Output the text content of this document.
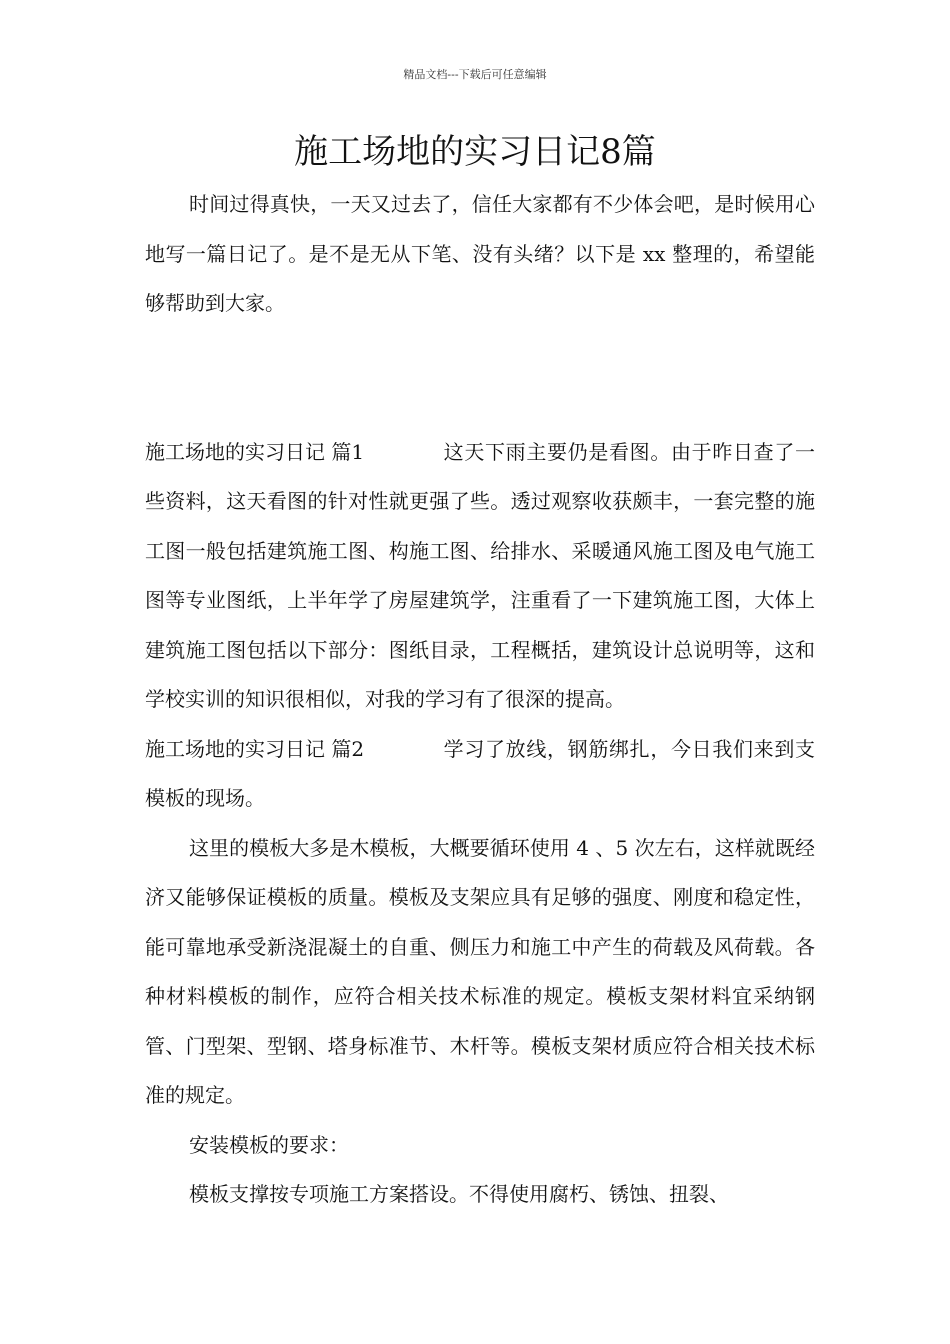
精品文档---下载后可任意编辑
施工场地的实习日记8篇

时间过得真快，一天又过去了，信任大家都有不少体会吧，是时候用心地写一篇日记了。是不是无从下笔、没有头绪？以下是 xx 整理的，希望能够帮助到大家。

施工场地的实习日记 篇1	这天下雨主要仍是看图。由于昨日查了一些资料，这天看图的针对性就更强了些。透过观察收获颇丰，一套完整的施工图一般包括建筑施工图、构施工图、给排水、采暖通风施工图及电气施工图等专业图纸，上半年学了房屋建筑学，注重看了一下建筑施工图，大体上建筑施工图包括以下部分：图纸目录，工程概括，建筑设计总说明等，这和学校实训的知识很相似，对我的学习有了很深的提高。

施工场地的实习日记 篇2	学习了放线，钢筋绑扎，今日我们来到支模板的现场。

这里的模板大多是木模板，大概要循环使用 4 、5 次左右，这样就既经济又能够保证模板的质量。模板及支架应具有足够的强度、刚度和稳定性，能可靠地承受新浇混凝土的自重、侧压力和施工中产生的荷载及风荷载。各种材料模板的制作，应符合相关技术标准的规定。模板支架材料宜采纳钢管、门型架、型钢、塔身标准节、木杆等。模板支架材质应符合相关技术标准的规定。

安装模板的要求：

模板支撑按专项施工方案搭设。不得使用腐朽、锈蚀、扭裂、
